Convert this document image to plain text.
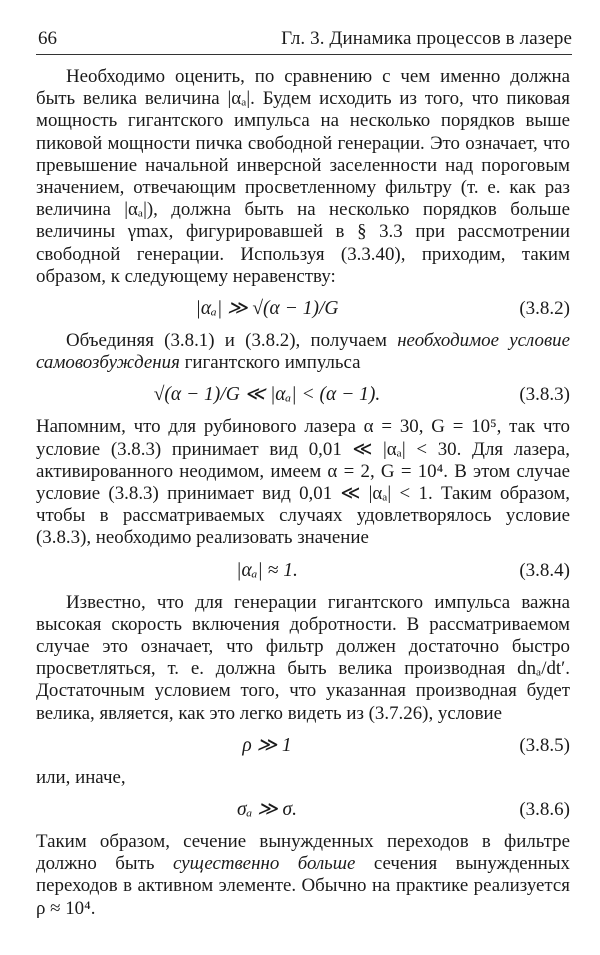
66	Гл. 3. Динамика процессов в лазере

Необходимо оценить, по сравнению с чем именно должна быть велика величина |αₐ|. Будем исходить из того, что пиковая мощность гигантского импульса на несколько порядков выше пиковой мощности пичка свободной генерации. Это означает, что превышение начальной инверсной заселенности над пороговым значением, отвечающим просветленному фильтру (т. е. как раз величина |αₐ|), должна быть на несколько порядков больше величины γmax, фигурировавшей в § 3.3 при рассмотрении свободной генерации. Используя (3.3.40), приходим, таким образом, к следующему неравенству:

|αₐ| ≫ √(α − 1)/G	(3.8.2)

Объединяя (3.8.1) и (3.8.2), получаем необходимое условие самовозбуждения гигантского импульса

√(α − 1)/G ≪ |αₐ| < (α − 1).	(3.8.3)

Напомним, что для рубинового лазера α = 30, G = 10⁵, так что условие (3.8.3) принимает вид 0,01 ≪ |αₐ| < 30. Для лазера, активированного неодимом, имеем α = 2, G = 10⁴. В этом случае условие (3.8.3) принимает вид 0,01 ≪ |αₐ| < 1. Таким образом, чтобы в рассматриваемых случаях удовлетворялось условие (3.8.3), необходимо реализовать значение

|αₐ| ≈ 1.	(3.8.4)

Известно, что для генерации гигантского импульса важна высокая скорость включения добротности. В рассматриваемом случае это означает, что фильтр должен достаточно быстро просветляться, т. е. должна быть велика производная dnₐ/dt′. Достаточным условием того, что указанная производная будет велика, является, как это легко видеть из (3.7.26), условие

ρ ≫ 1	(3.8.5)

или, иначе,

σₐ ≫ σ.	(3.8.6)

Таким образом, сечение вынужденных переходов в фильтре должно быть существенно больше сечения вынужденных переходов в активном элементе. Обычно на практике реализуется ρ ≈ 10⁴.
